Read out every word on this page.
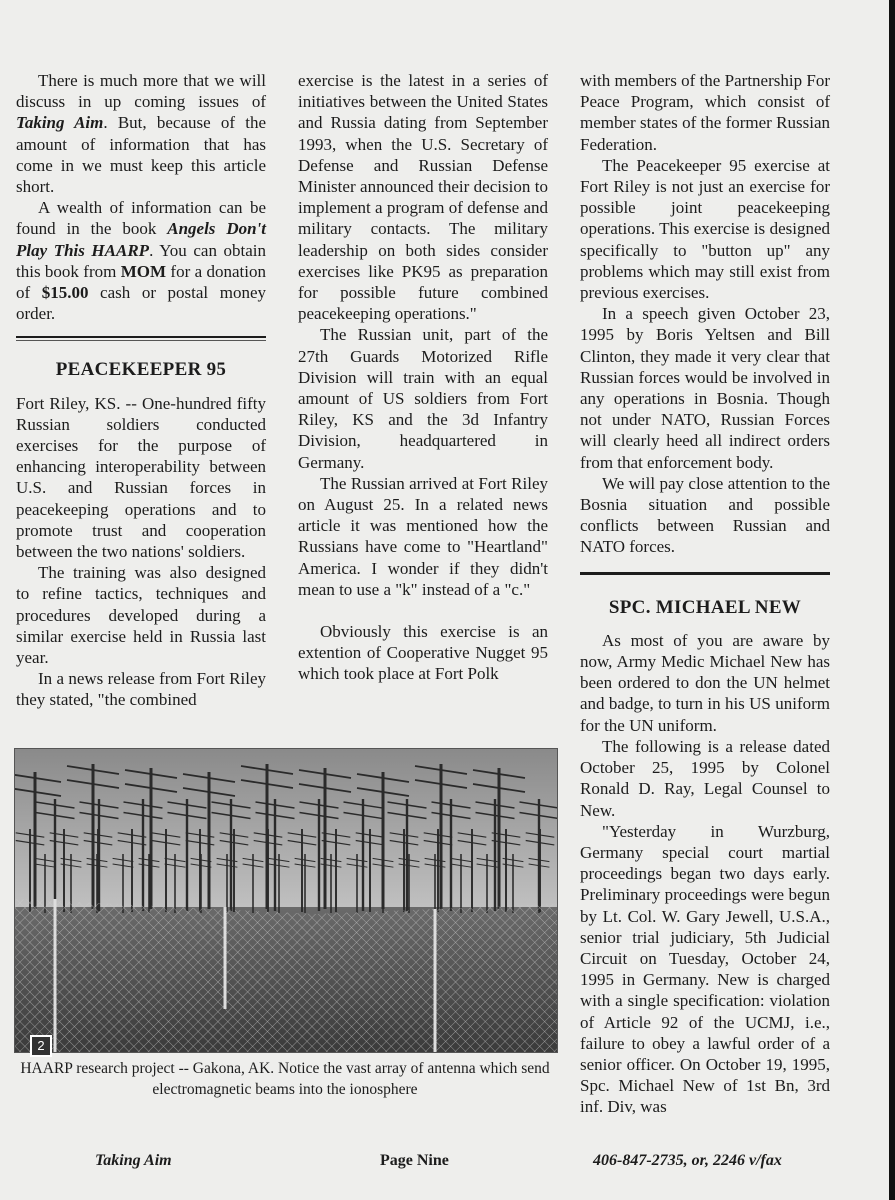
There is much more that we will discuss in up coming issues of Taking Aim. But, because of the amount of information that has come in we must keep this article short.

A wealth of information can be found in the book Angels Don't Play This HAARP. You can obtain this book from MOM for a donation of $15.00 cash or postal money order.

PEACEKEEPER 95

Fort Riley, KS. -- One-hundred fifty Russian soldiers conducted exercises for the purpose of enhancing interoperability between U.S. and Russian forces in peacekeeping operations and to promote trust and cooperation between the two nations' soldiers.

The training was also designed to refine tactics, techniques and procedures developed during a similar exercise held in Russia last year.

In a news release from Fort Riley they stated, "the combined

exercise is the latest in a series of initiatives between the United States and Russia dating from September 1993, when the U.S. Secretary of Defense and Russian Defense Minister announced their decision to implement a program of defense and military contacts. The military leadership on both sides consider exercises like PK95 as preparation for possible future combined peacekeeping operations."

The Russian unit, part of the 27th Guards Motorized Rifle Division will train with an equal amount of US soldiers from Fort Riley, KS and the 3d Infantry Division, headquartered in Germany.

The Russian arrived at Fort Riley on August 25. In a related news article it was mentioned how the Russians have come to "Heartland" America. I wonder if they didn't mean to use a "k" instead of a "c."

Obviously this exercise is an extention of Cooperative Nugget 95 which took place at Fort Polk

with members of the Partnership For Peace Program, which consist of member states of the former Russian Federation.

The Peacekeeper 95 exercise at Fort Riley is not just an exercise for possible joint peacekeeping operations. This exercise is designed specifically to "button up" any problems which may still exist from previous exercises.

In a speech given October 23, 1995 by Boris Yeltsen and Bill Clinton, they made it very clear that Russian forces would be involved in any operations in Bosnia. Though not under NATO, Russian Forces will clearly heed all indirect orders from that enforcement body.

We will pay close attention to the Bosnia situation and possible conflicts between Russian and NATO forces.

SPC. MICHAEL NEW

As most of you are aware by now, Army Medic Michael New has been ordered to don the UN helmet and badge, to turn in his US uniform for the UN uniform.

The following is a release dated October 25, 1995 by Colonel Ronald D. Ray, Legal Counsel to New.

"Yesterday in Wurzburg, Germany special court martial proceedings began two days early. Preliminary proceedings were begun by Lt. Col. W. Gary Jewell, U.S.A., senior trial judiciary, 5th Judicial Circuit on Tuesday, October 24, 1995 in Germany. New is charged with a single specification: violation of Article 92 of the UCMJ, i.e., failure to obey a lawful order of a senior officer. On October 19, 1995, Spc. Michael New of 1st Bn, 3rd inf. Div, was

2
HAARP research project -- Gakona, AK. Notice the vast array of antenna which send electromagnetic beams into the ionosphere
Taking Aim	Page Nine	406-847-2735, or, 2246 v/fax
